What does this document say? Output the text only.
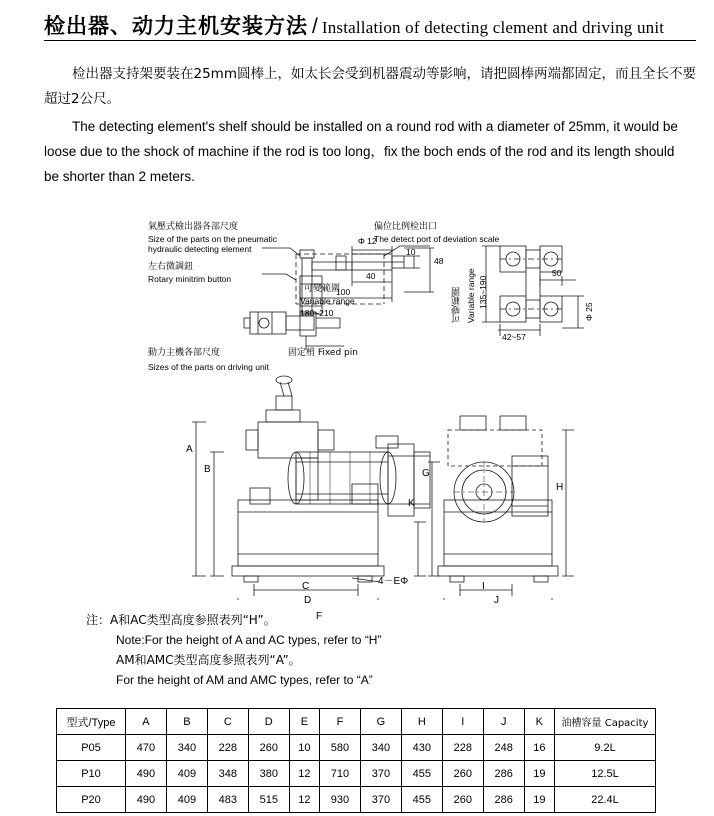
检出器、动力主机安装方法 / Installation of detecting clement and driving unit
检出器支持架要装在25mm圆棒上，如太长会受到机器震动等影响，请把圆棒两端都固定，而且全长不要超过2公尺。
The detecting element's shelf should be installed on a round rod with a diameter of 25mm, it would be loose due to the shock of machine if the rod is too long，fix the boch ends of the rod and its length should be shorter than 2 meters.
氣壓式檢出器各部尺度
Size of the parts on the pneumatic
hydraulic detecting element
左右微調鈕
Rotary minitrim button
偏位比例检出口
The detect port of deviation scale
Φ 12
10
48
40
100
可變範圍
Variable range
180~210	可變範圍 Variable range 135~190
50
42~57
Φ 25
固定梢 Fixed pin
動力主機各部尺度
Sizes of the parts on driving unit
A
B
C
D
4－EΦ
F
G
H
I
J
K
注：A和AC类型高度参照表列“H”。
Note:For the height of A and AC types, refer to “H”
AM和AMC类型高度参照表列“A”。
For the height of AM and AMC types, refer to “A”
型式/Type	A	B	C	D	E	F	G	H	I	J	K	油槽容量 Capacity
P05	470	340	228	260	10	580	340	430	228	248	16	9.2L
P10	490	409	348	380	12	710	370	455	260	286	19	12.5L
P20	490	409	483	515	12	930	370	455	260	286	19	22.4L
